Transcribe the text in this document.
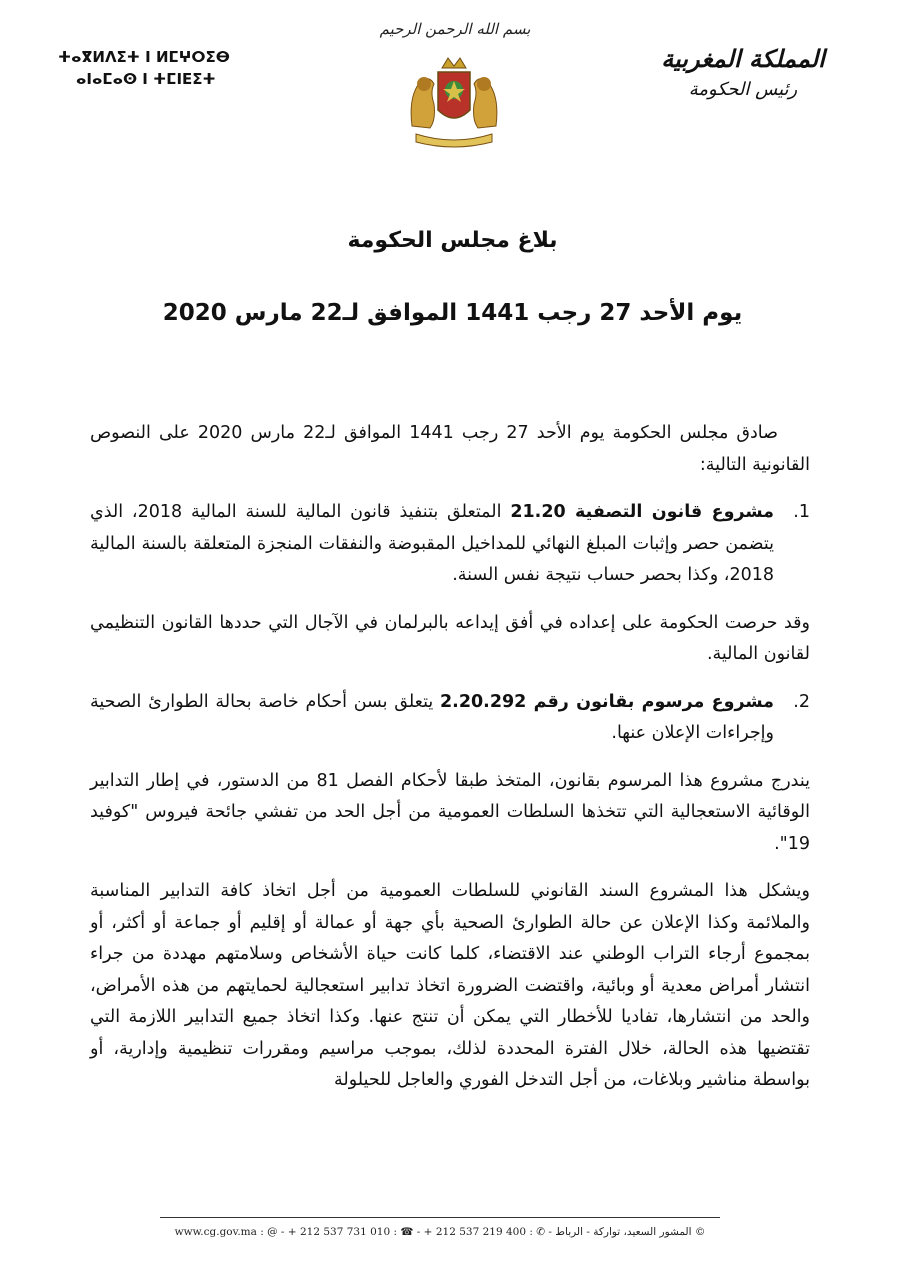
ⵜⴰⴳⵍⴷⵉⵜ ⵏ ⵍⵎⵖⵔⵉⴱ
ⴰⵏⴰⵎⴰⵙ ⵏ ⵜⵎⵏⴹⵉⵜ
بسم الله الرحمن الرحيم
المملكة المغربية
رئيس الحكومة
بلاغ مجلس الحكومة
يوم الأحد 27 رجب 1441 الموافق لـ22 مارس 2020

صادق مجلس الحكومة يوم الأحد 27 رجب 1441 الموافق لـ22 مارس 2020 على النصوص القانونية التالية:

1.
مشروع قانون التصفية 21.20 المتعلق بتنفيذ قانون المالية للسنة المالية 2018، الذي يتضمن حصر وإثبات المبلغ النهائي للمداخيل المقبوضة والنفقات المنجزة المتعلقة بالسنة المالية 2018، وكذا بحصر حساب نتيجة نفس السنة.

وقد حرصت الحكومة على إعداده في أفق إيداعه بالبرلمان في الآجال التي حددها القانون التنظيمي لقانون المالية.

2.
مشروع مرسوم بقانون رقم 2.20.292 يتعلق بسن أحكام خاصة بحالة الطوارئ الصحية وإجراءات الإعلان عنها.

يندرج مشروع هذا المرسوم بقانون، المتخذ طبقا لأحكام الفصل 81 من الدستور، في إطار التدابير الوقائية الاستعجالية التي تتخذها السلطات العمومية من أجل الحد من تفشي جائحة فيروس "كوفيد 19".

ويشكل هذا المشروع السند القانوني للسلطات العمومية من أجل اتخاذ كافة التدابير المناسبة والملائمة وكذا الإعلان عن حالة الطوارئ الصحية بأي جهة أو عمالة أو إقليم أو جماعة أو أكثر، أو بمجموع أرجاء التراب الوطني عند الاقتضاء، كلما كانت حياة الأشخاص وسلامتهم مهددة من جراء انتشار أمراض معدية أو وبائية، واقتضت الضرورة اتخاذ تدابير استعجالية لحمايتهم من هذه الأمراض، والحد من انتشارها، تفاديا للأخطار التي يمكن أن تنتج عنها. وكذا اتخاذ جميع التدابير اللازمة التي تقتضيها هذه الحالة، خلال الفترة المحددة لذلك، بموجب مراسيم ومقررات تنظيمية وإدارية، أو بواسطة مناشير وبلاغات، من أجل التدخل الفوري والعاجل للحيلولة

© المشور السعيد، تواركة - الرباط - ✆ : 400 219 537 212 + - ☎ : 010 731 537 212 + - @ : www.cg.gov.ma
